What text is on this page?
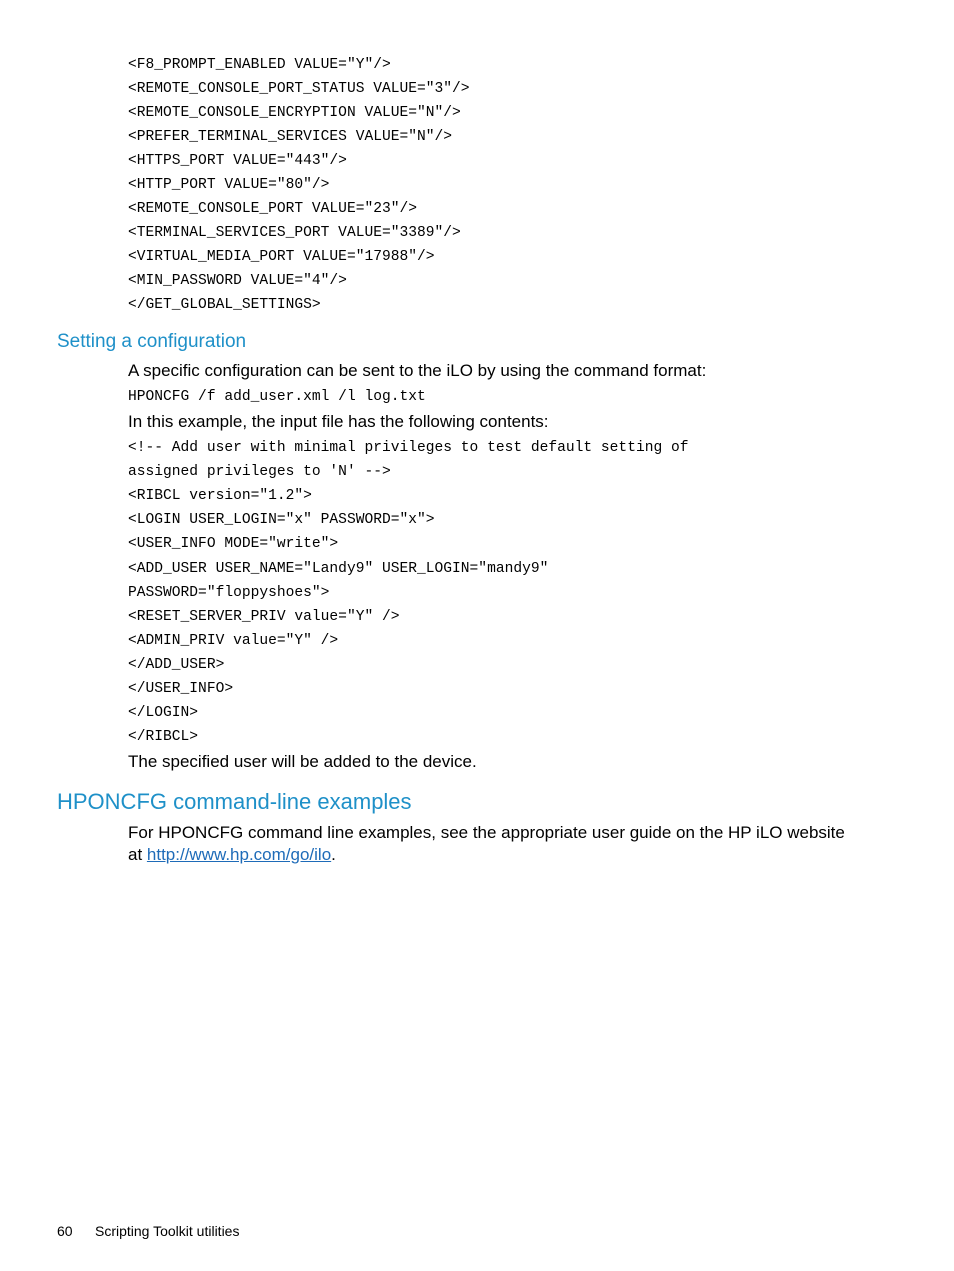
<F8_PROMPT_ENABLED VALUE="Y"/>
<REMOTE_CONSOLE_PORT_STATUS VALUE="3"/>
<REMOTE_CONSOLE_ENCRYPTION VALUE="N"/>
<PREFER_TERMINAL_SERVICES VALUE="N"/>
<HTTPS_PORT VALUE="443"/>
<HTTP_PORT VALUE="80"/>
<REMOTE_CONSOLE_PORT VALUE="23"/>
<TERMINAL_SERVICES_PORT VALUE="3389"/>
<VIRTUAL_MEDIA_PORT VALUE="17988"/>
<MIN_PASSWORD VALUE="4"/>
</GET_GLOBAL_SETTINGS>
Setting a configuration
A specific configuration can be sent to the iLO by using the command format:
HPONCFG /f add_user.xml /l log.txt
In this example, the input file has the following contents:
<!-- Add user with minimal privileges to test default setting of
assigned privileges to 'N' -->
<RIBCL version="1.2">
<LOGIN USER_LOGIN="x" PASSWORD="x">
<USER_INFO MODE="write">
<ADD_USER USER_NAME="Landy9" USER_LOGIN="mandy9"
PASSWORD="floppyshoes">
<RESET_SERVER_PRIV value="Y" />
<ADMIN_PRIV value="Y" />
</ADD_USER>
</USER_INFO>
</LOGIN>
</RIBCL>
The specified user will be added to the device.
HPONCFG command-line examples
For HPONCFG command line examples, see the appropriate user guide on the HP iLO website
at http://www.hp.com/go/ilo.
60 Scripting Toolkit utilities
